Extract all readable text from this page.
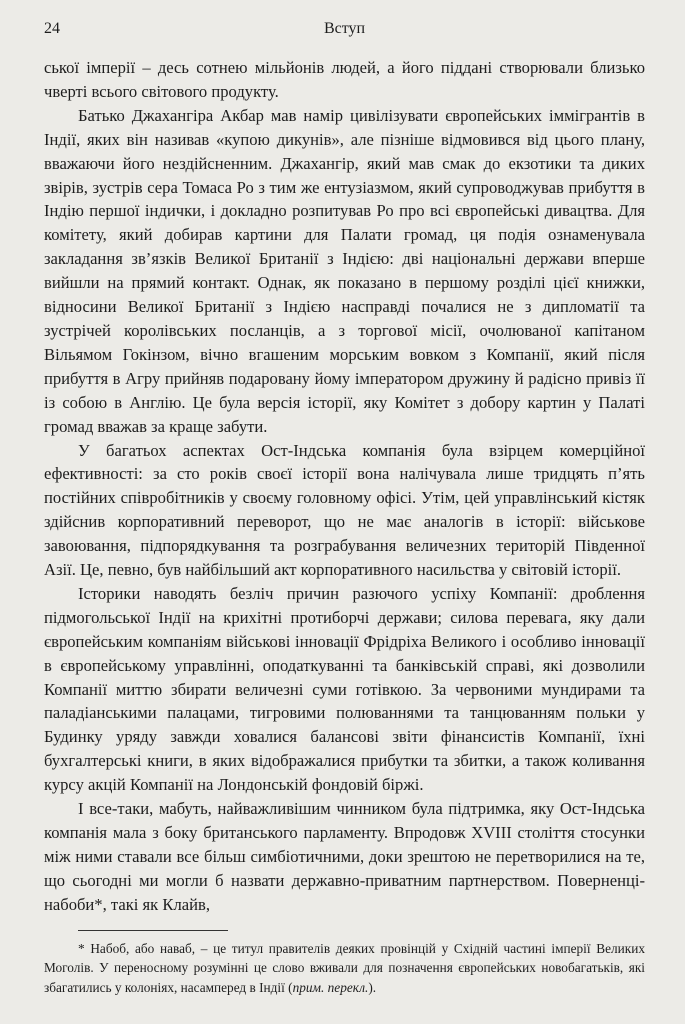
24	Вступ

ської імперії – десь сотнею мільйонів людей, а його піддані створювали близько чверті всього світового продукту.

Батько Джахангіра Акбар мав намір цивілізувати європейських іммігрантів в Індії, яких він називав «купою дикунів», але пізніше відмовився від цього плану, вважаючи його нездійсненним. Джахангір, який мав смак до екзотики та диких звірів, зустрів сера Томаса Ро з тим же ентузіазмом, який супроводжував прибуття в Індію першої індички, і докладно розпитував Ро про всі європейські дивацтва. Для комітету, який добирав картини для Палати громад, ця подія ознаменувала закладання зв’язків Великої Британії з Індією: дві національні держави вперше вийшли на прямий контакт. Однак, як показано в першому розділі цієї книжки, відносини Великої Британії з Індією насправді почалися не з дипломатії та зустрічей королівських посланців, а з торгової місії, очолюваної капітаном Вільямом Гокінзом, вічно вгашеним морським вовком з Компанії, який після прибуття в Агру прийняв подаровану йому імператором дружину й радісно привіз її із собою в Англію. Це була версія історії, яку Комітет з добору картин у Палаті громад вважав за краще забути.

У багатьох аспектах Ост-Індська компанія була взірцем комерційної ефективності: за сто років своєї історії вона налічувала лише тридцять п’ять постійних співробітників у своєму головному офісі. Утім, цей управлінський кістяк здійснив корпоративний переворот, що не має аналогів в історії: військове завоювання, підпорядкування та розграбування величезних територій Південної Азії. Це, певно, був найбільший акт корпоративного насильства у світовій історії.

Історики наводять безліч причин разючого успіху Компанії: дроблення підмогольської Індії на крихітні протиборчі держави; силова перевага, яку дали європейським компаніям військові інновації Фрідріха Великого і особливо інновації в європейському управлінні, оподаткуванні та банківській справі, які дозволили Компанії миттю збирати величезні суми готівкою. За червоними мундирами та паладіанськими палацами, тигровими полюваннями та танцюванням польки у Будинку уряду завжди ховалися балансові звіти фінансистів Компанії, їхні бухгалтерські книги, в яких відображалися прибутки та збитки, а також коливання курсу акцій Компанії на Лондонській фондовій біржі.

І все-таки, мабуть, найважливішим чинником була підтримка, яку Ост-Індська компанія мала з боку британського парламенту. Впродовж XVIII століття стосунки між ними ставали все більш симбіотичними, доки зрештою не перетворилися на те, що сьогодні ми могли б назвати державно-приватним партнерством. Поверненці-набоби*, такі як Клайв,

* Набоб, або наваб, – це титул правителів деяких провінцій у Східній частині імперії Великих Моголів. У переносному розумінні це слово вживали для позначення європейських новобагатьків, які збагатились у колоніях, насамперед в Індії (прим. перекл.).
